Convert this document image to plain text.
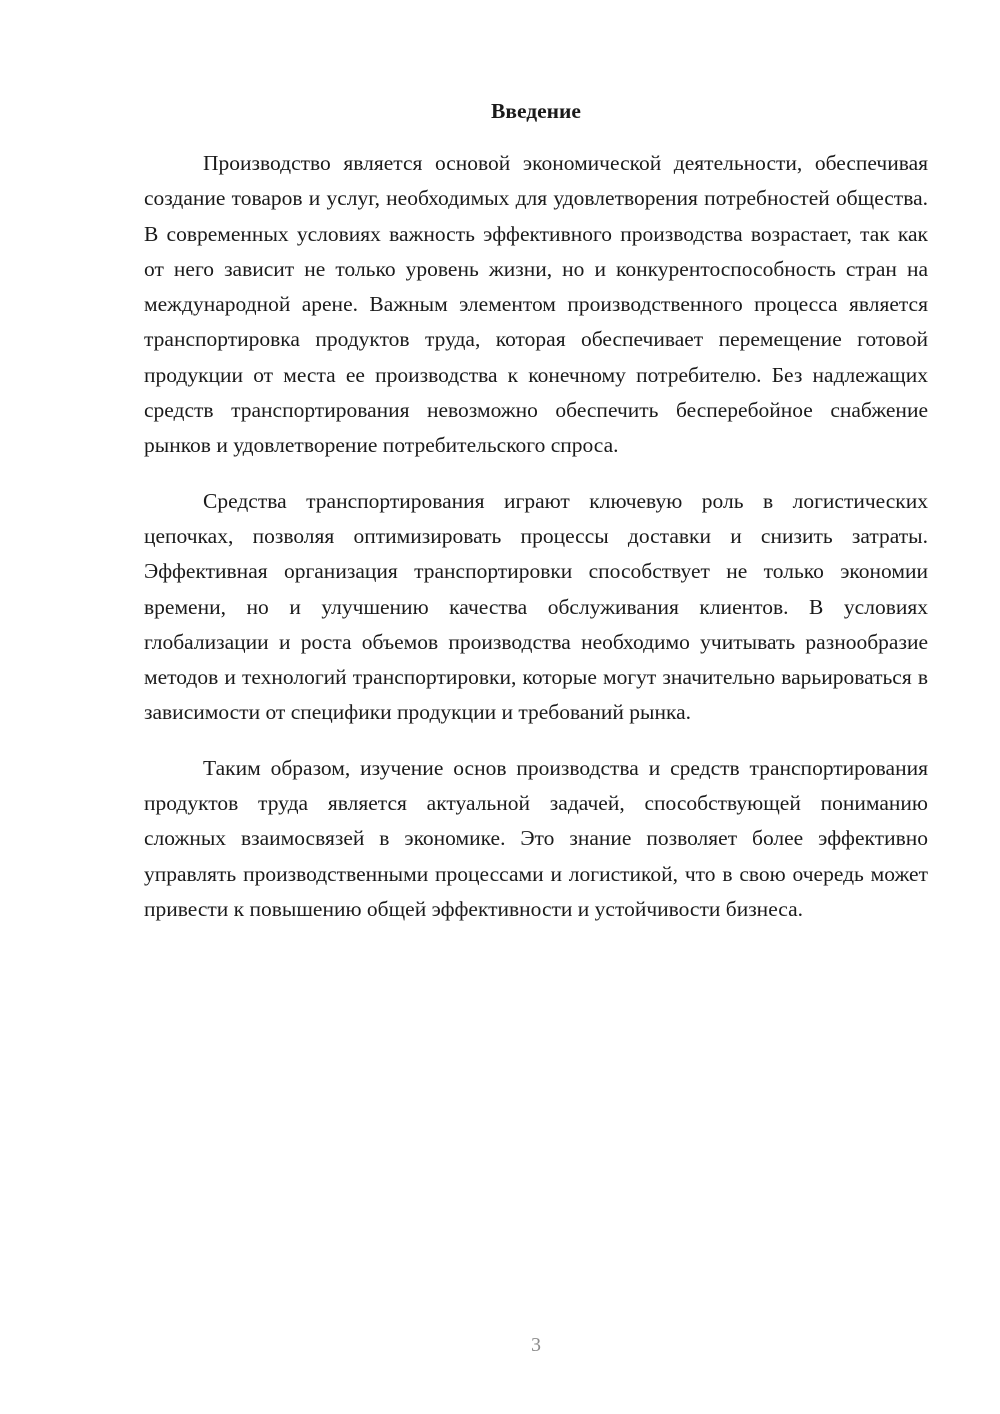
Введение

Производство является основой экономической деятельности, обеспечивая создание товаров и услуг, необходимых для удовлетворения потребностей общества. В современных условиях важность эффективного производства возрастает, так как от него зависит не только уровень жизни, но и конкурентоспособность стран на международной арене. Важным элементом производственного процесса является транспортировка продуктов труда, которая обеспечивает перемещение готовой продукции от места ее производства к конечному потребителю. Без надлежащих средств транспортирования невозможно обеспечить бесперебойное снабжение рынков и удовлетворение потребительского спроса.

Средства транспортирования играют ключевую роль в логистических цепочках, позволяя оптимизировать процессы доставки и снизить затраты. Эффективная организация транспортировки способствует не только экономии времени, но и улучшению качества обслуживания клиентов. В условиях глобализации и роста объемов производства необходимо учитывать разнообразие методов и технологий транспортировки, которые могут значительно варьироваться в зависимости от специфики продукции и требований рынка.

Таким образом, изучение основ производства и средств транспортирования продуктов труда является актуальной задачей, способствующей пониманию сложных взаимосвязей в экономике. Это знание позволяет более эффективно управлять производственными процессами и логистикой, что в свою очередь может привести к повышению общей эффективности и устойчивости бизнеса.

3
